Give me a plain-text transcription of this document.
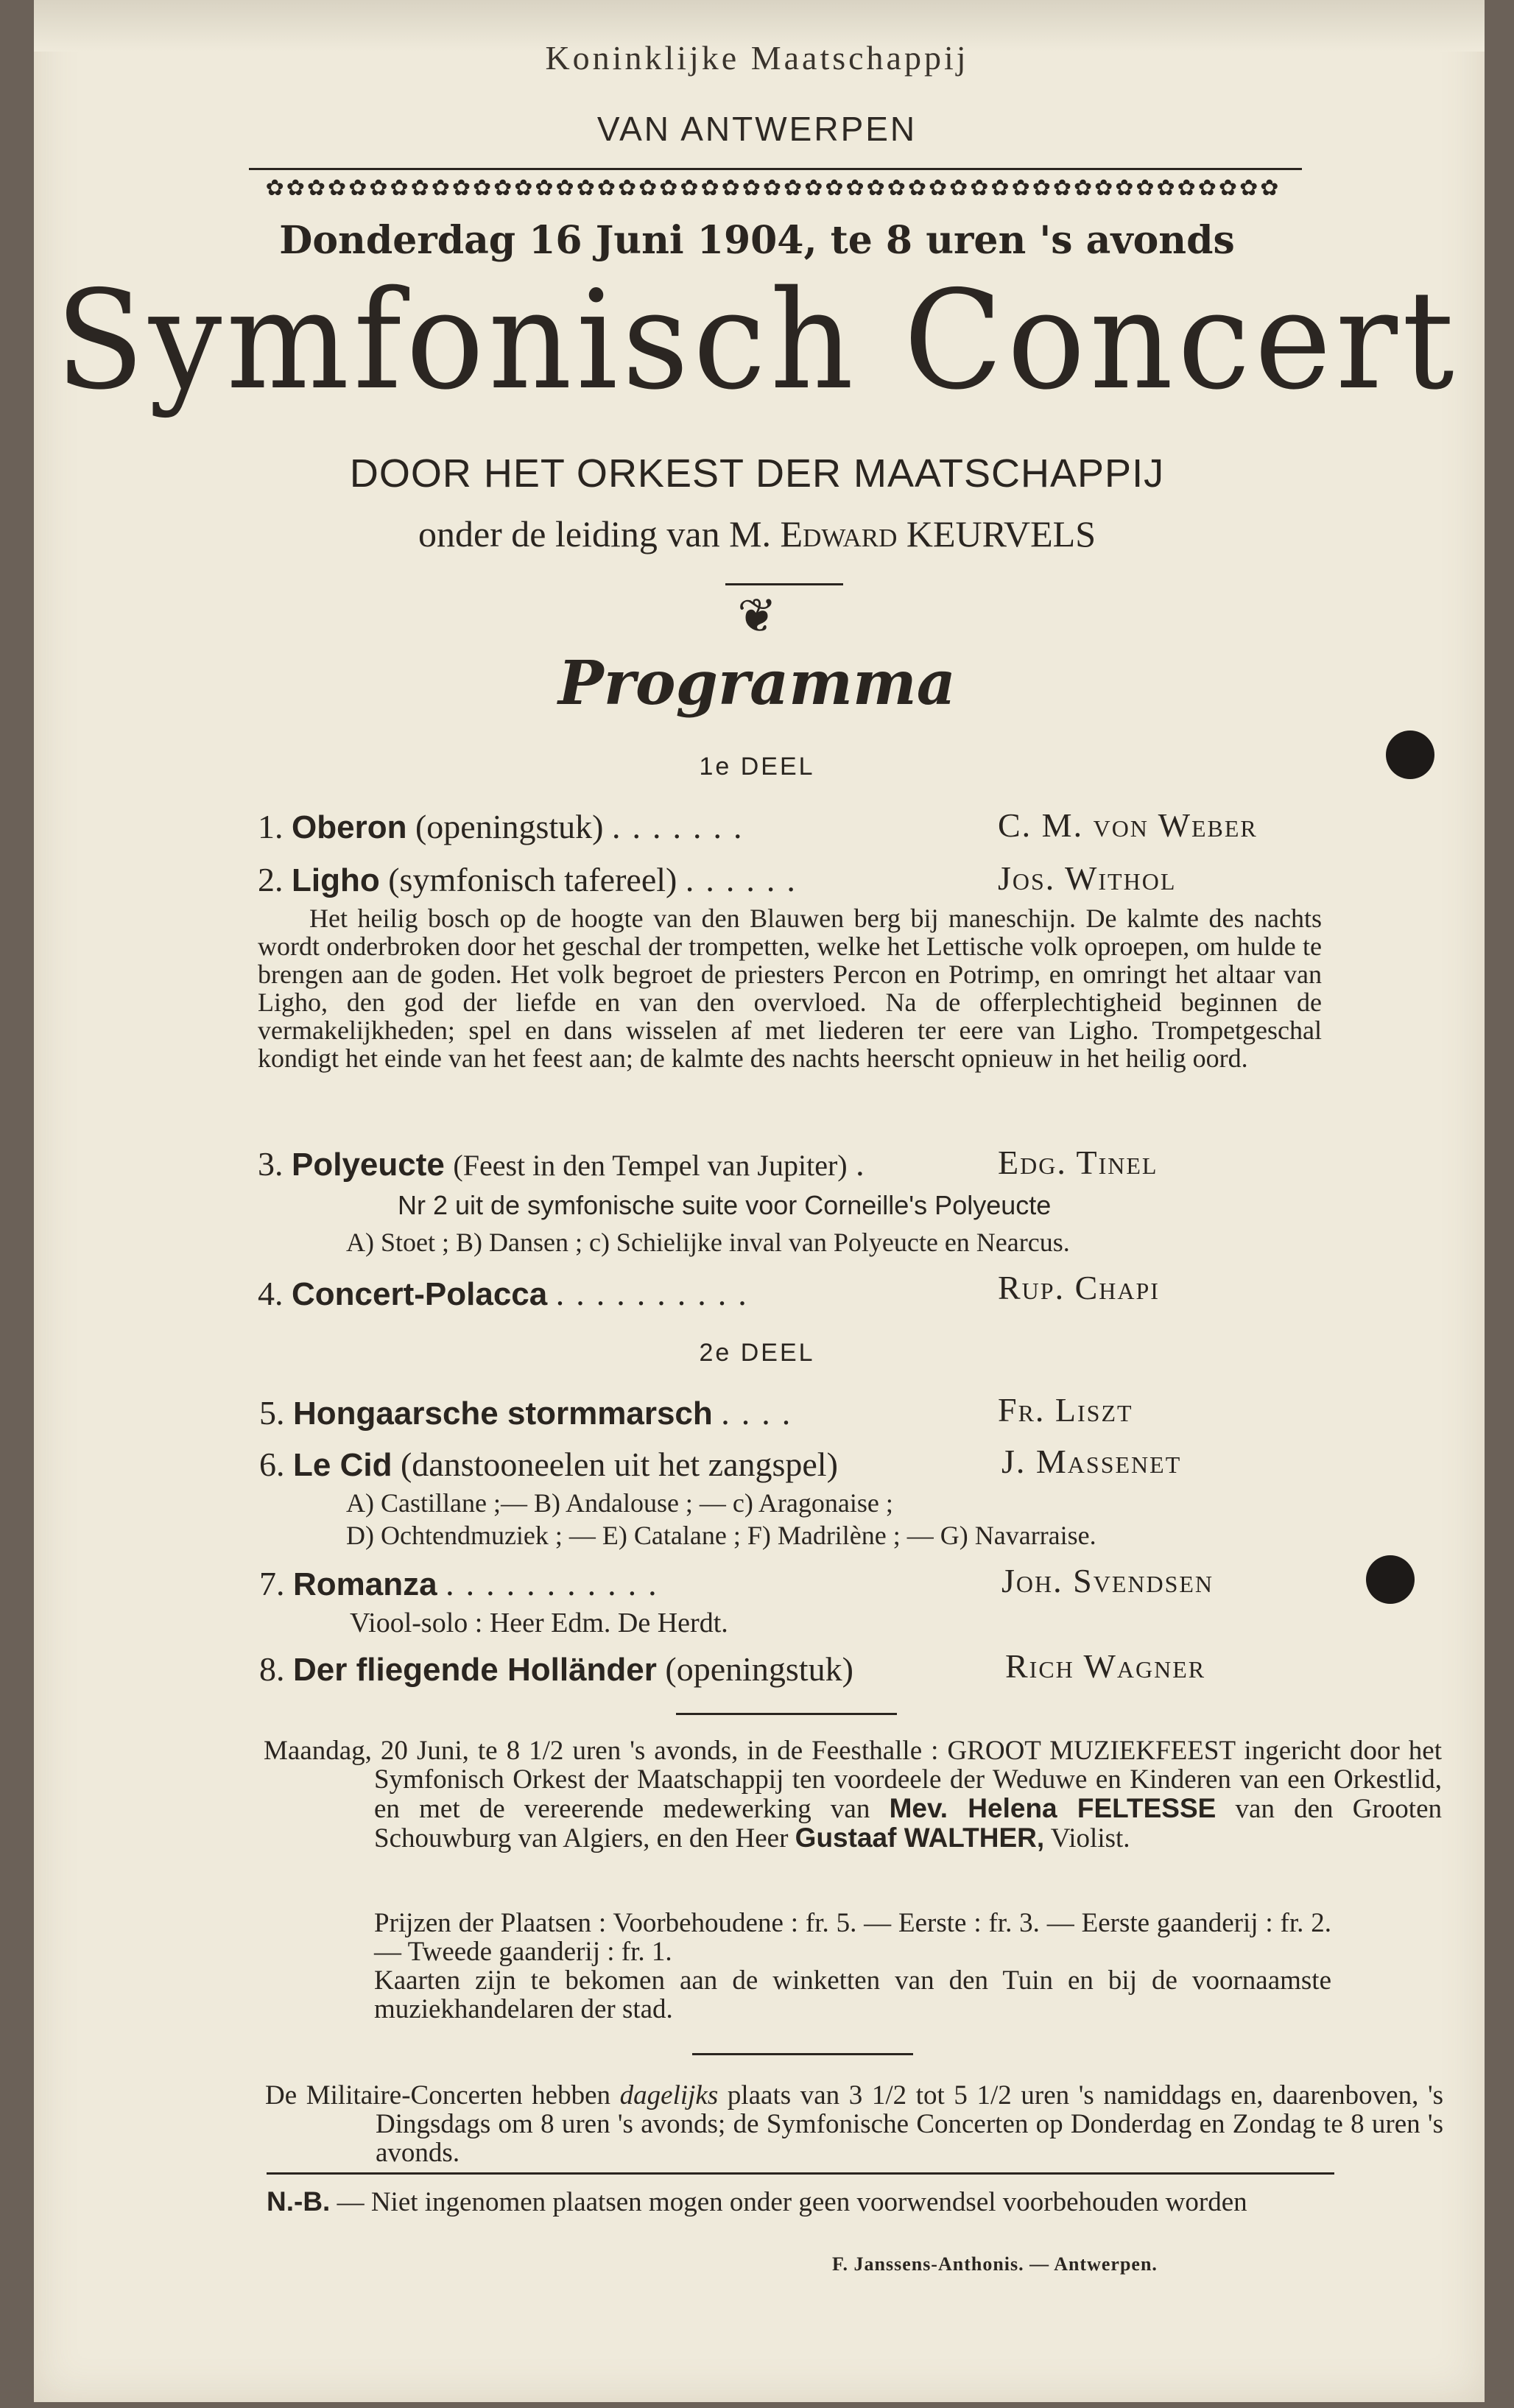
Koninklijke Maatschappij
VAN ANTWERPEN
✿✿✿✿✿✿✿✿✿✿✿✿✿✿✿✿✿✿✿✿✿✿✿✿✿✿✿✿✿✿✿✿✿✿✿✿✿✿✿✿✿✿✿✿✿✿✿✿✿
Donderdag 16 Juni 1904, te 8 uren 's avonds
Symfonisch Concert
DOOR HET ORKEST DER MAATSCHAPPIJ
onder de leiding van M. Edward KEURVELS
❦
Programma
1e DEEL
1. Oberon (openingstuk) .......	C. M. von Weber
2. Ligho (symfonisch tafereel) ......	Jos. Withol
Het heilig bosch op de hoogte van den Blauwen berg bij maneschijn. De kalmte des nachts wordt onderbroken door het geschal der trompetten, welke het Lettische volk oproepen, om hulde te brengen aan de goden. Het volk begroet de priesters Percon en Potrimp, en omringt het altaar van Ligho, den god der liefde en van den overvloed. Na de offerplechtigheid beginnen de vermakelijkheden; spel en dans wisselen af met liederen ter eere van Ligho. Trompetgeschal kondigt het einde van het feest aan; de kalmte des nachts heerscht opnieuw in het heilig oord.
3. Polyeucte (Feest in den Tempel van Jupiter) .	Edg. Tinel
Nr 2 uit de symfonische suite voor Corneille's Polyeucte
A) Stoet ; B) Dansen ; c) Schielijke inval van Polyeucte en Nearcus.
4. Concert-Polacca ..........	Rup. Chapi
2e DEEL
5. Hongaarsche stormmarsch ....	Fr. Liszt
6. Le Cid (danstooneelen uit het zangspel)	J. Massenet
A) Castillane ;— B) Andalouse ; — c) Aragonaise ;
D) Ochtendmuziek ; — E) Catalane ; F) Madrilène ; — G) Navarraise.
7. Romanza ...........	Joh. Svendsen
Viool-solo : Heer Edm. De Herdt.
8. Der fliegende Holländer (openingstuk)	Rich Wagner
Maandag, 20 Juni, te 8 1/2 uren 's avonds, in de Feesthalle : GROOT MUZIEKFEEST ingericht door het Symfonisch Orkest der Maatschappij ten voordeele der Weduwe en Kinderen van een Orkestlid, en met de vereerende medewerking van Mev. Helena FELTESSE van den Grooten Schouwburg van Algiers, en den Heer Gustaaf WALTHER, Violist.
Prijzen der Plaatsen : Voorbehoudene : fr. 5. — Eerste : fr. 3. — Eerste gaanderij : fr. 2.— Tweede gaanderij : fr. 1.
Kaarten zijn te bekomen aan de winketten van den Tuin en bij de voornaamste muziekhandelaren der stad.
De Militaire-Concerten hebben dagelijks plaats van 3 1/2 tot 5 1/2 uren 's namiddags en, daarenboven, 's Dingsdags om 8 uren 's avonds; de Symfonische Concerten op Donderdag en Zondag te 8 uren 's avonds.
N.-B. — Niet ingenomen plaatsen mogen onder geen voorwendsel voorbehouden worden
F. Janssens-Anthonis. — Antwerpen.
